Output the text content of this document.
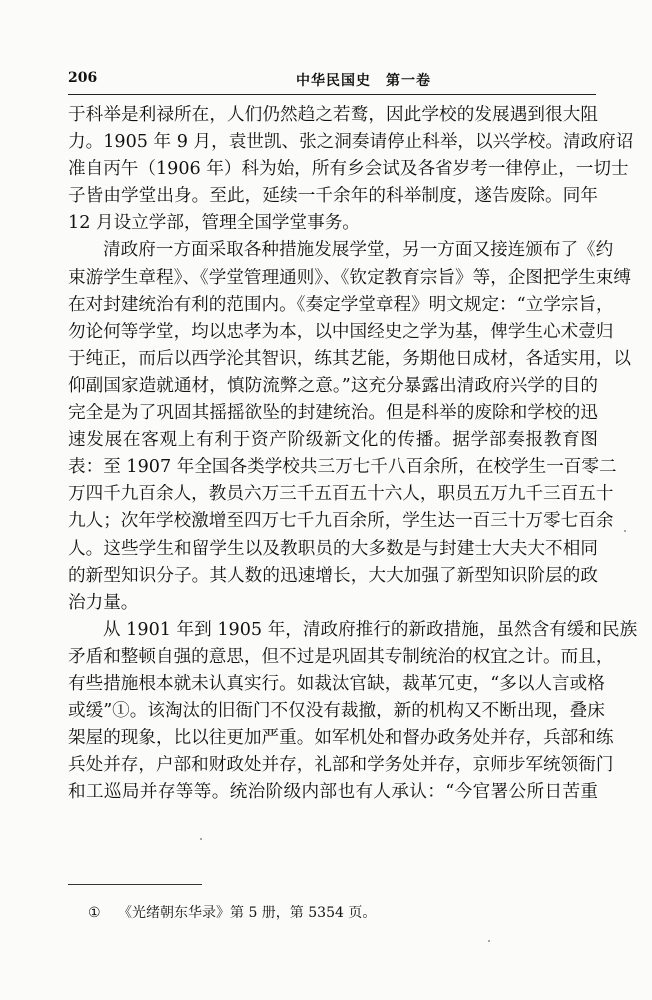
206	中华民国史　第一卷

于科举是利禄所在，人们仍然趋之若鹜，因此学校的发展遇到很大阻
力。1905 年 9 月，袁世凯、张之洞奏请停止科举，以兴学校。清政府诏
准自丙午（1906 年）科为始，所有乡会试及各省岁考一律停止，一切士
子皆由学堂出身。至此，延续一千余年的科举制度，遂告废除。同年
12 月设立学部，管理全国学堂事务。

清政府一方面采取各种措施发展学堂，另一方面又接连颁布了《约
束游学生章程》、《学堂管理通则》、《钦定教育宗旨》等，企图把学生束缚
在对封建统治有利的范围内。《奏定学堂章程》明文规定：“立学宗旨，
勿论何等学堂，均以忠孝为本，以中国经史之学为基，俾学生心术壹归
于纯正，而后以西学沦其智识，练其艺能，务期他日成材，各适实用，以
仰副国家造就通材，慎防流弊之意。”这充分暴露出清政府兴学的目的
完全是为了巩固其摇摇欲坠的封建统治。但是科举的废除和学校的迅
速发展在客观上有利于资产阶级新文化的传播。据学部奏报教育图
表：至 1907 年全国各类学校共三万七千八百余所，在校学生一百零二
万四千九百余人，教员六万三千五百五十六人，职员五万九千三百五十
九人；次年学校激增至四万七千九百余所，学生达一百三十万零七百余
人。这些学生和留学生以及教职员的大多数是与封建士大夫大不相同
的新型知识分子。其人数的迅速增长，大大加强了新型知识阶层的政
治力量。

从 1901 年到 1905 年，清政府推行的新政措施，虽然含有缓和民族
矛盾和整顿自强的意思，但不过是巩固其专制统治的权宜之计。而且，
有些措施根本就未认真实行。如裁汰官缺，裁革冗吏，“多以人言或格
或缓”①。该淘汰的旧衙门不仅没有裁撤，新的机构又不断出现，叠床
架屋的现象，比以往更加严重。如军机处和督办政务处并存，兵部和练
兵处并存，户部和财政处并存，礼部和学务处并存，京师步军统领衙门
和工巡局并存等等。统治阶级内部也有人承认：“今官署公所日苦重

① 《光绪朝东华录》第 5 册，第 5354 页。
